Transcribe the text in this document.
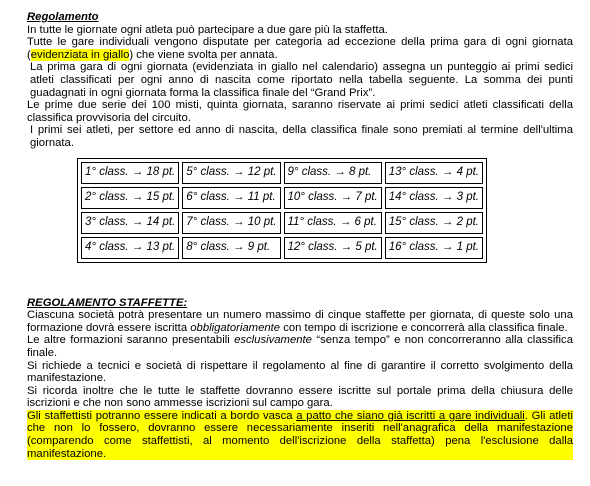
Regolamento

In tutte le giornate ogni atleta può partecipare a due gare più la staffetta.

Tutte le gare individuali vengono disputate per categoria ad eccezione della prima gara di ogni giornata (evidenziata in giallo) che viene svolta per annata.

La prima gara di ogni giornata (evidenziata in giallo nel calendario) assegna un punteggio ai primi sedici atleti classificati per ogni anno di nascita come riportato nella tabella seguente. La somma dei punti guadagnati in ogni giornata forma la classifica finale del “Grand Prix”.

Le prime due serie dei 100 misti, quinta giornata, saranno riservate ai primi sedici atleti classificati della classifica provvisoria del circuito.

I primi sei atleti, per settore ed anno di nascita, della classifica finale sono premiati al termine dell'ultima giornata.

1° class. → 18 pt.	5° class. → 12 pt.	9° class. → 8 pt.	13° class. → 4 pt.
2° class. → 15 pt.	6° class. → 11 pt.	10° class. → 7 pt.	14° class. → 3 pt.
3° class. → 14 pt.	7° class. → 10 pt.	11° class. → 6 pt.	15° class. → 2 pt.
4° class. → 13 pt.	8° class. → 9 pt.	12° class. → 5 pt.	16° class. → 1 pt.
REGOLAMENTO STAFFETTE:

Ciascuna società potrà presentare un numero massimo di cinque staffette per giornata, di queste solo una formazione dovrà essere iscritta obbligatoriamente con tempo di iscrizione e concorrerà alla classifica finale.

Le altre formazioni saranno presentabili esclusivamente “senza tempo” e non concorreranno alla classifica finale.

Si richiede a tecnici e società di rispettare il regolamento al fine di garantire il corretto svolgimento della manifestazione.

Si ricorda inoltre che le tutte le staffette dovranno essere iscritte sul portale prima della chiusura delle iscrizioni e che non sono ammesse iscrizioni sul campo gara.

Gli staffettisti potranno essere indicati a bordo vasca a patto che siano già iscritti a gare individuali. Gli atleti che non lo fossero, dovranno essere necessariamente inseriti nell'anagrafica della manifestazione (comparendo come staffettisti, al momento dell'iscrizione della staffetta) pena l'esclusione dalla manifestazione.
